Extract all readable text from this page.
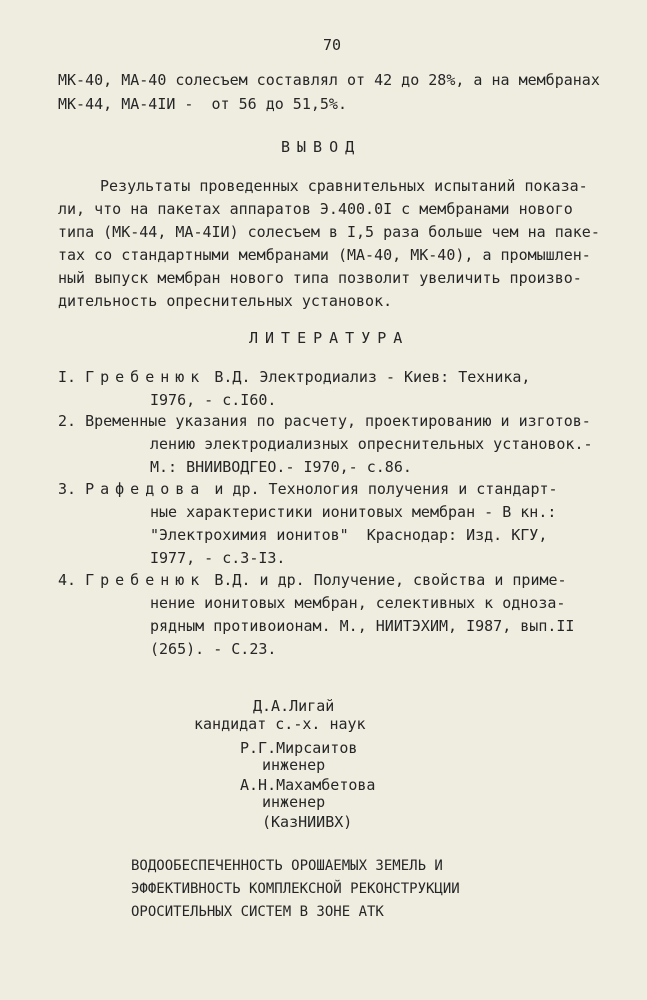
70
МК-40, МА-40 солесъем составлял от 42 до 28%, а на мембранах
МК-44, МА-4IИ -  от 56 до 51,5%.
ВЫВОД
Результаты проведенных сравнительных испытаний показа-
ли, что на пакетах аппаратов Э.400.0I с мембранами нового
типа (МК-44, МА-4IИ) солесъем в I,5 раза больше чем на паке-
тах со стандартными мембранами (МА-40, МК-40), а промышлен-
ный выпуск мембран нового типа позволит увеличить произво-
дительность опреснительных установок.
ЛИТЕРАТУРА
I. Гребенюк В.Д. Электродиализ - Киев: Техника,
I976, - с.I60.
2. Временные указания по расчету, проектированию и изготов-
лению электродиализных опреснительных установок.-
М.: ВНИИВОДГЕО.- I970,- с.86.
3. Рафедова и др. Технология получения и стандарт-
ные характеристики ионитовых мембран - В кн.:
"Электрохимия ионитов"  Краснодар: Изд. КГУ,
I977, - с.3-I3.
4. Гребенюк В.Д. и др. Получение, свойства и приме-
нение ионитовых мембран, селективных к одноза-
рядным противоионам. М., НИИТЭХИМ, I987, вып.II
(265). - С.23.
Д.А.Лигай
кандидат с.-х. наук
Р.Г.Мирсаитов
инженер
А.Н.Махамбетова
инженер
(КазНИИВХ)
ВОДООБЕСПЕЧЕННОСТЬ ОРОШАЕМЫХ ЗЕМЕЛЬ И
ЭФФЕКТИВНОСТЬ КОМПЛЕКСНОЙ РЕКОНСТРУКЦИИ
ОРОСИТЕЛЬНЫХ СИСТЕМ В ЗОНЕ АТК
